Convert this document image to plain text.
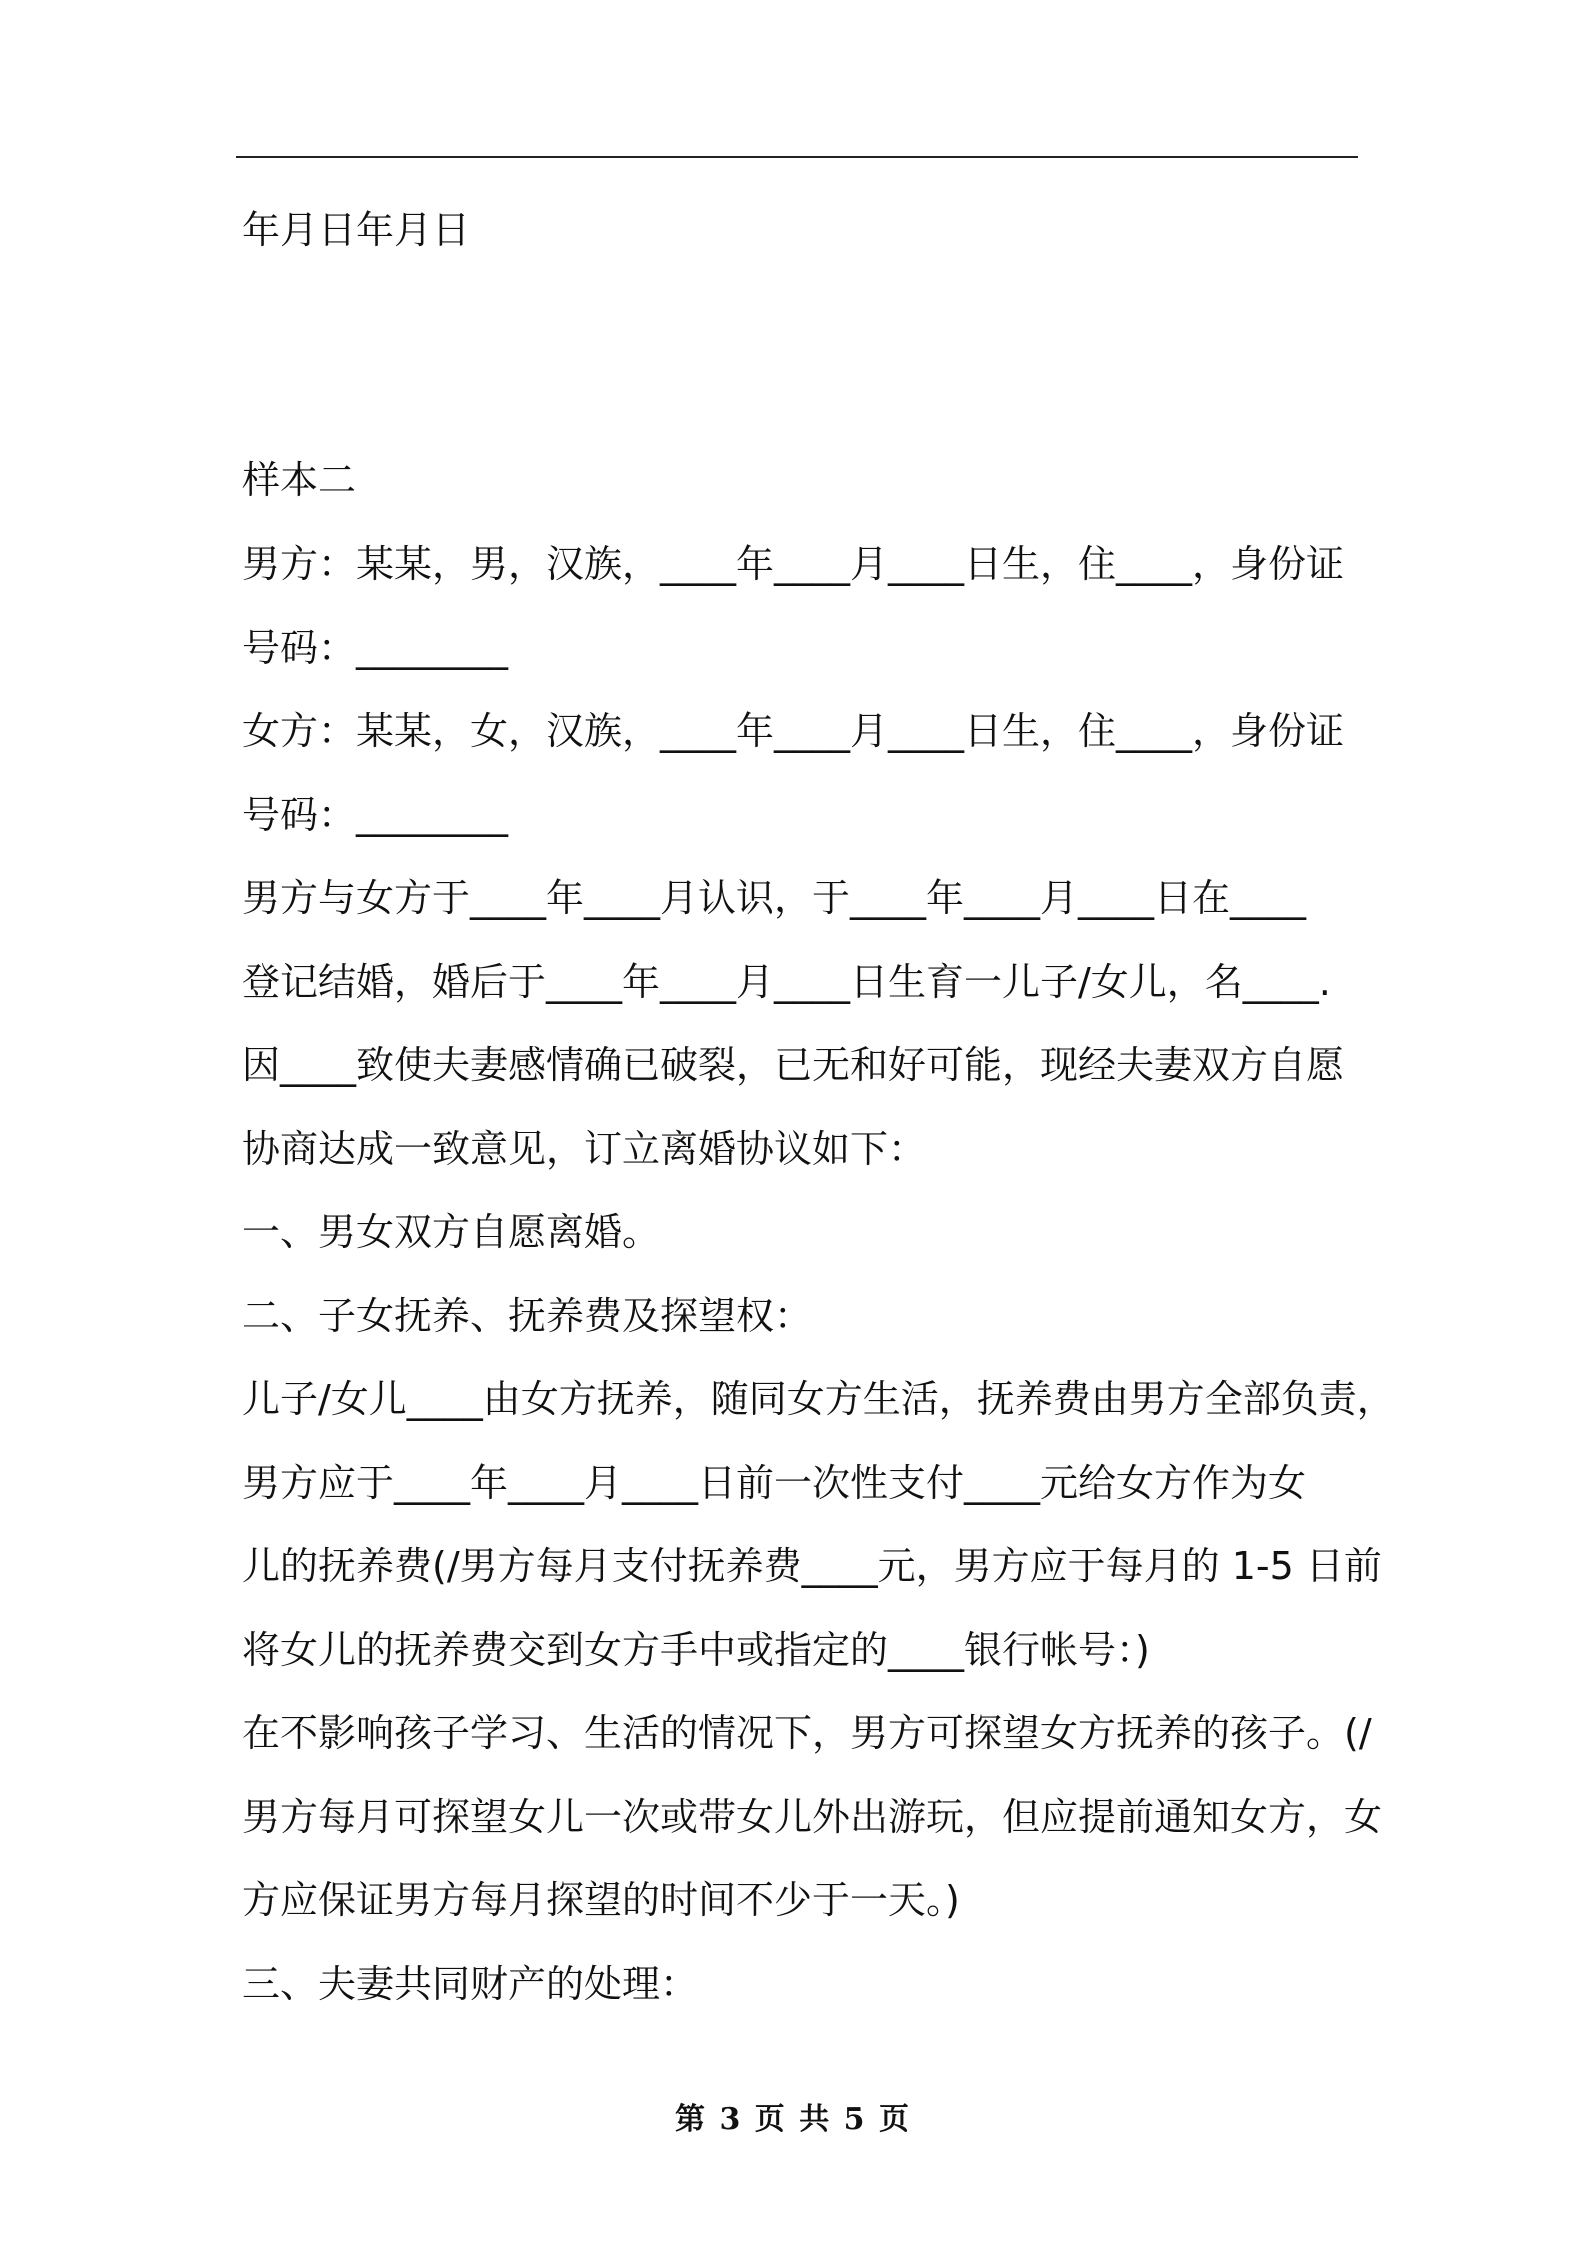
年月日年月日

样本二

男方：某某，男，汉族，____年____月____日生，住____，身份证

号码：________

女方：某某，女，汉族，____年____月____日生，住____，身份证

号码：________

男方与女方于____年____月认识，于____年____月____日在____

登记结婚，婚后于____年____月____日生育一儿子/女儿，名____.

因____致使夫妻感情确已破裂，已无和好可能，现经夫妻双方自愿

协商达成一致意见，订立离婚协议如下：

一、男女双方自愿离婚。

二、子女抚养、抚养费及探望权：

儿子/女儿____由女方抚养，随同女方生活，抚养费由男方全部负责，

男方应于____年____月____日前一次性支付____元给女方作为女

儿的抚养费(/男方每月支付抚养费____元，男方应于每月的 1-5 日前

将女儿的抚养费交到女方手中或指定的____银行帐号：)

在不影响孩子学习、生活的情况下，男方可探望女方抚养的孩子。(/

男方每月可探望女儿一次或带女儿外出游玩，但应提前通知女方，女

方应保证男方每月探望的时间不少于一天。)

三、夫妻共同财产的处理：

第 3 页 共 5 页
